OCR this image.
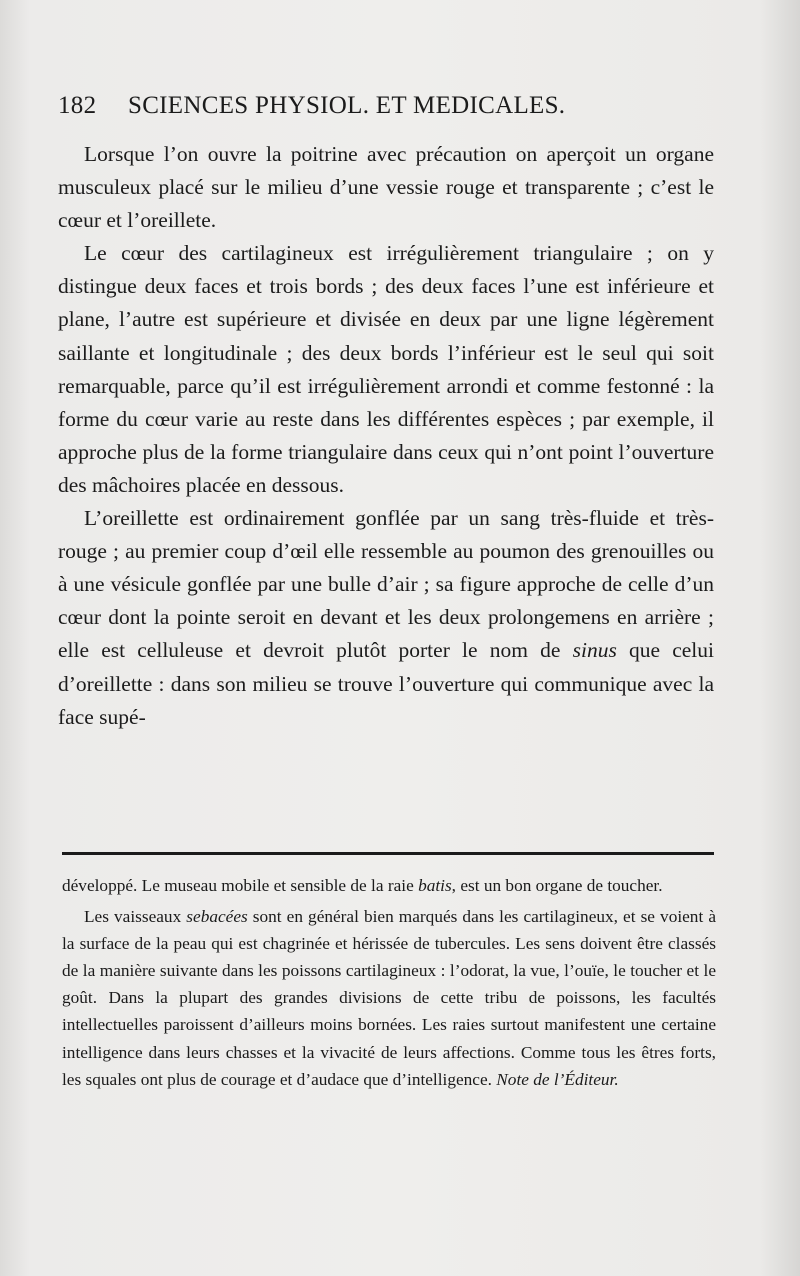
182 SCIENCES PHYSIOL. ET MEDICALES.

Lorsque l’on ouvre la poitrine avec précaution on aperçoit un organe musculeux placé sur le milieu d’une vessie rouge et transparente ; c’est le cœur et l’oreillete.

Le cœur des cartilagineux est irrégulièrement triangulaire ; on y distingue deux faces et trois bords ; des deux faces l’une est inférieure et plane, l’autre est supérieure et divisée en deux par une ligne légèrement saillante et longitudinale ; des deux bords l’inférieur est le seul qui soit remarquable, parce qu’il est irrégulièrement arrondi et comme festonné : la forme du cœur varie au reste dans les différentes espèces ; par exemple, il approche plus de la forme triangulaire dans ceux qui n’ont point l’ouverture des mâchoires placée en dessous.

L’oreillette est ordinairement gonflée par un sang très-fluide et très-rouge ; au premier coup d’œil elle ressemble au poumon des grenouilles ou à une vésicule gonflée par une bulle d’air ; sa figure approche de celle d’un cœur dont la pointe seroit en devant et les deux prolongemens en arrière ; elle est celluleuse et devroit plutôt porter le nom de sinus que celui d’oreillette : dans son milieu se trouve l’ouverture qui communique avec la face supé-

développé. Le museau mobile et sensible de la raie batis, est un bon organe de toucher.

Les vaisseaux sebacées sont en général bien marqués dans les cartilagineux, et se voient à la surface de la peau qui est chagrinée et hérissée de tubercules. Les sens doivent être classés de la manière suivante dans les poissons cartilagineux : l’odorat, la vue, l’ouïe, le toucher et le goût. Dans la plupart des grandes divisions de cette tribu de poissons, les facultés intellectuelles paroissent d’ailleurs moins bornées. Les raies surtout manifestent une certaine intelligence dans leurs chasses et la vivacité de leurs affections. Comme tous les êtres forts, les squales ont plus de courage et d’audace que d’intelligence. Note de l’Éditeur.
